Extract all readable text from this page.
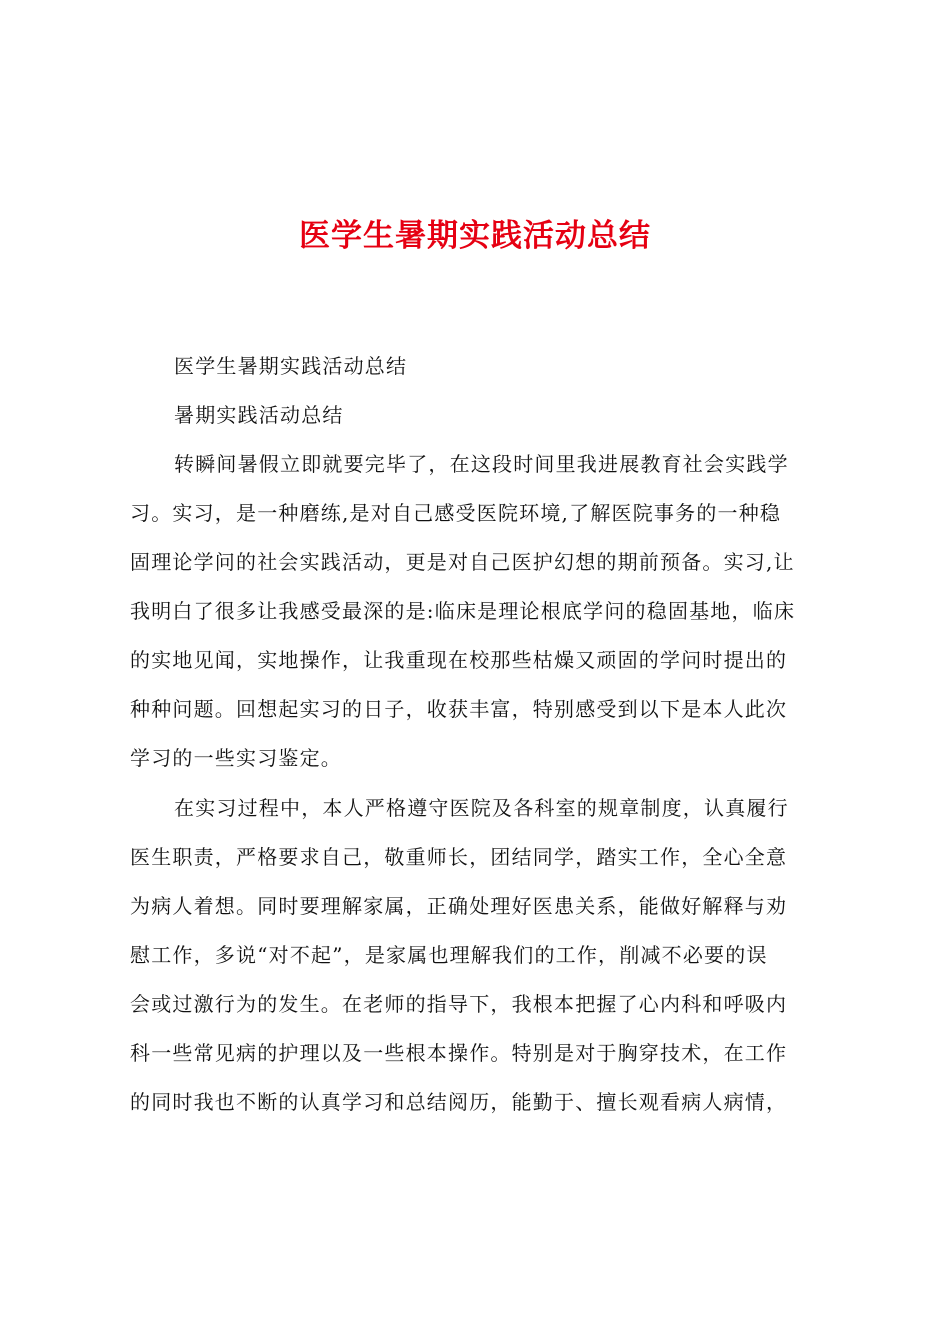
医学生暑期实践活动总结
医学生暑期实践活动总结
暑期实践活动总结
转瞬间暑假立即就要完毕了，在这段时间里我进展教育社会实践学
习。实习，是一种磨练,是对自己感受医院环境,了解医院事务的一种稳
固理论学问的社会实践活动，更是对自己医护幻想的期前预备。实习,让
我明白了很多让我感受最深的是:临床是理论根底学问的稳固基地，临床
的实地见闻，实地操作，让我重现在校那些枯燥又顽固的学问时提出的
种种问题。回想起实习的日子，收获丰富，特别感受到以下是本人此次
学习的一些实习鉴定。
在实习过程中，本人严格遵守医院及各科室的规章制度，认真履行
医生职责，严格要求自己，敬重师长，团结同学，踏实工作，全心全意
为病人着想。同时要理解家属，正确处理好医患关系，能做好解释与劝
慰工作，多说“对不起”，是家属也理解我们的工作，削减不必要的误
会或过激行为的发生。在老师的指导下，我根本把握了心内科和呼吸内
科一些常见病的护理以及一些根本操作。特别是对于胸穿技术，在工作
的同时我也不断的认真学习和总结阅历，能勤于、擅长观看病人病情，
